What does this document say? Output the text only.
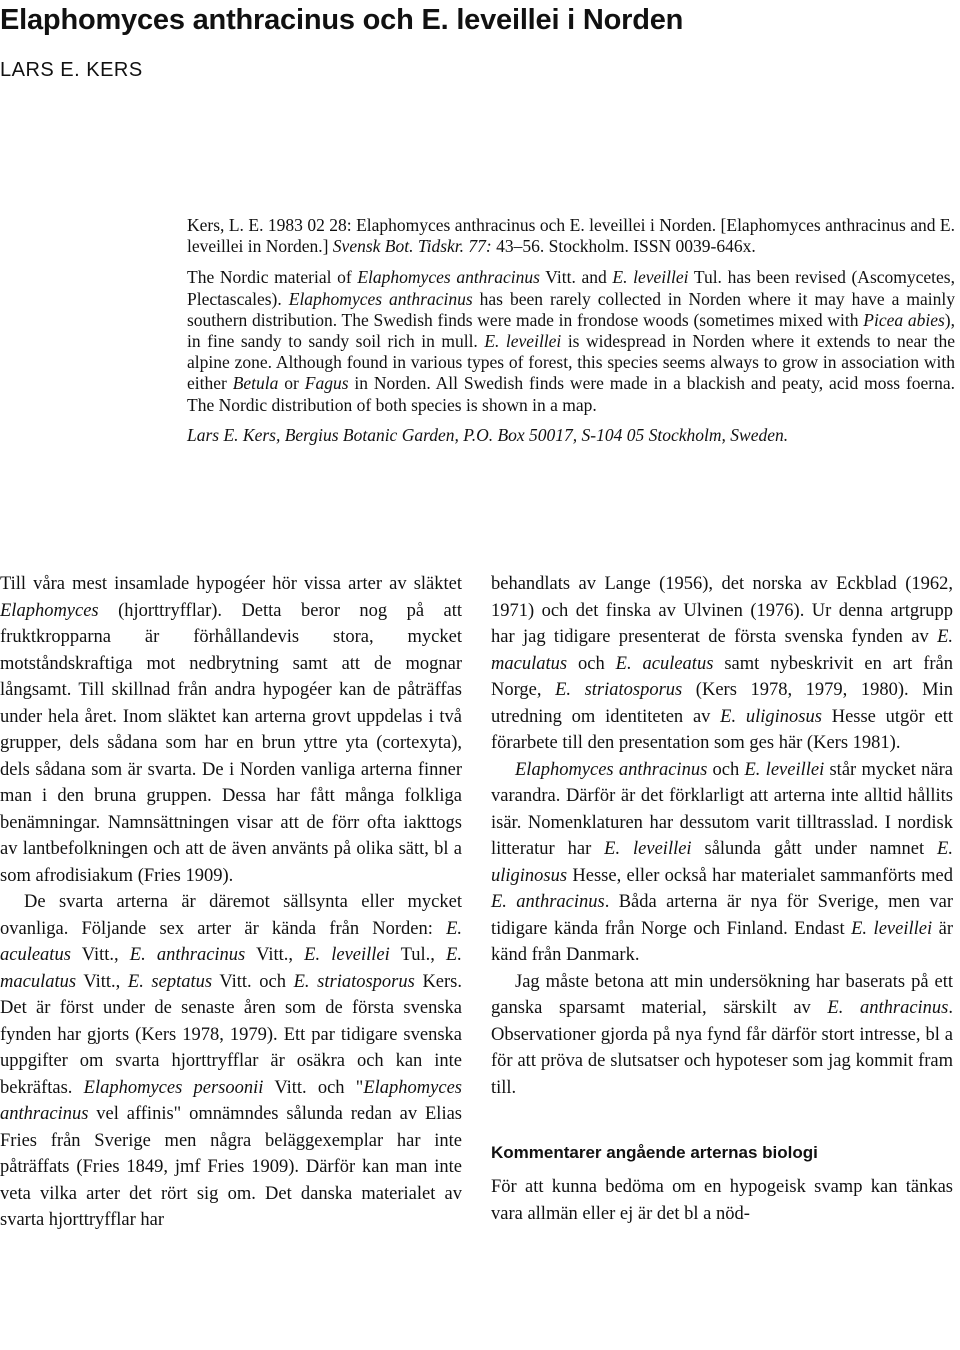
Elaphomyces anthracinus och E. leveillei i Norden
LARS E. KERS

Kers, L. E. 1983 02 28: Elaphomyces anthracinus och E. leveillei i Norden. [Elaphomyces anthracinus and E. leveillei in Norden.] Svensk Bot. Tidskr. 77: 43–56. Stockholm. ISSN 0039-646x.

The Nordic material of Elaphomyces anthracinus Vitt. and E. leveillei Tul. has been revised (Ascomycetes, Plectascales). Elaphomyces anthracinus has been rarely collected in Norden where it may have a mainly southern distribution. The Swedish finds were made in frondose woods (sometimes mixed with Picea abies), in fine sandy to sandy soil rich in mull. E. leveillei is widespread in Norden where it extends to near the alpine zone. Although found in various types of forest, this species seems always to grow in association with either Betula or Fagus in Norden. All Swedish finds were made in a blackish and peaty, acid moss foerna. The Nordic distribution of both species is shown in a map.

Lars E. Kers, Bergius Botanic Garden, P.O. Box 50017, S-104 05 Stockholm, Sweden.

Till våra mest insamlade hypogéer hör vissa arter av släktet Elaphomyces (hjorttryfflar). Detta beror nog på att fruktkropparna är förhållandevis stora, mycket motståndskraftiga mot nedbrytning samt att de mognar långsamt. Till skillnad från andra hypogéer kan de påträffas under hela året. Inom släktet kan arterna grovt uppdelas i två grupper, dels sådana som har en brun yttre yta (cortexyta), dels sådana som är svarta. De i Norden vanliga arterna finner man i den bruna gruppen. Dessa har fått många folkliga benämningar. Namnsättningen visar att de förr ofta iakttogs av lantbefolkningen och att de även använts på olika sätt, bl a som afrodisiakum (Fries 1909).

De svarta arterna är däremot sällsynta eller mycket ovanliga. Följande sex arter är kända från Norden: E. aculeatus Vitt., E. anthracinus Vitt., E. leveillei Tul., E. maculatus Vitt., E. septatus Vitt. och E. striatosporus Kers. Det är först under de senaste åren som de första svenska fynden har gjorts (Kers 1978, 1979). Ett par tidigare svenska uppgifter om svarta hjorttryfflar är osäkra och kan inte bekräftas. Elaphomyces persoonii Vitt. och "Elaphomyces anthracinus vel affinis" omnämndes sålunda redan av Elias Fries från Sverige men några beläggexemplar har inte påträffats (Fries 1849, jmf Fries 1909). Därför kan man inte veta vilka arter det rört sig om. Det danska materialet av svarta hjorttryfflar har

behandlats av Lange (1956), det norska av Eckblad (1962, 1971) och det finska av Ulvinen (1976). Ur denna artgrupp har jag tidigare presenterat de första svenska fynden av E. maculatus och E. aculeatus samt nybeskrivit en art från Norge, E. striatosporus (Kers 1978, 1979, 1980). Min utredning om identiteten av E. uliginosus Hesse utgör ett förarbete till den presentation som ges här (Kers 1981).

Elaphomyces anthracinus och E. leveillei står mycket nära varandra. Därför är det förklarligt att arterna inte alltid hållits isär. Nomenklaturen har dessutom varit tilltrasslad. I nordisk litteratur har E. leveillei sålunda gått under namnet E. uliginosus Hesse, eller också har materialet sammanförts med E. anthracinus. Båda arterna är nya för Sverige, men var tidigare kända från Norge och Finland. Endast E. leveillei är känd från Danmark.

Jag måste betona att min undersökning har baserats på ett ganska sparsamt material, särskilt av E. anthracinus. Observationer gjorda på nya fynd får därför stort intresse, bl a för att pröva de slutsatser och hypoteser som jag kommit fram till.

Kommentarer angående arternas biologi

För att kunna bedöma om en hypogeisk svamp kan tänkas vara allmän eller ej är det bl a nöd-
